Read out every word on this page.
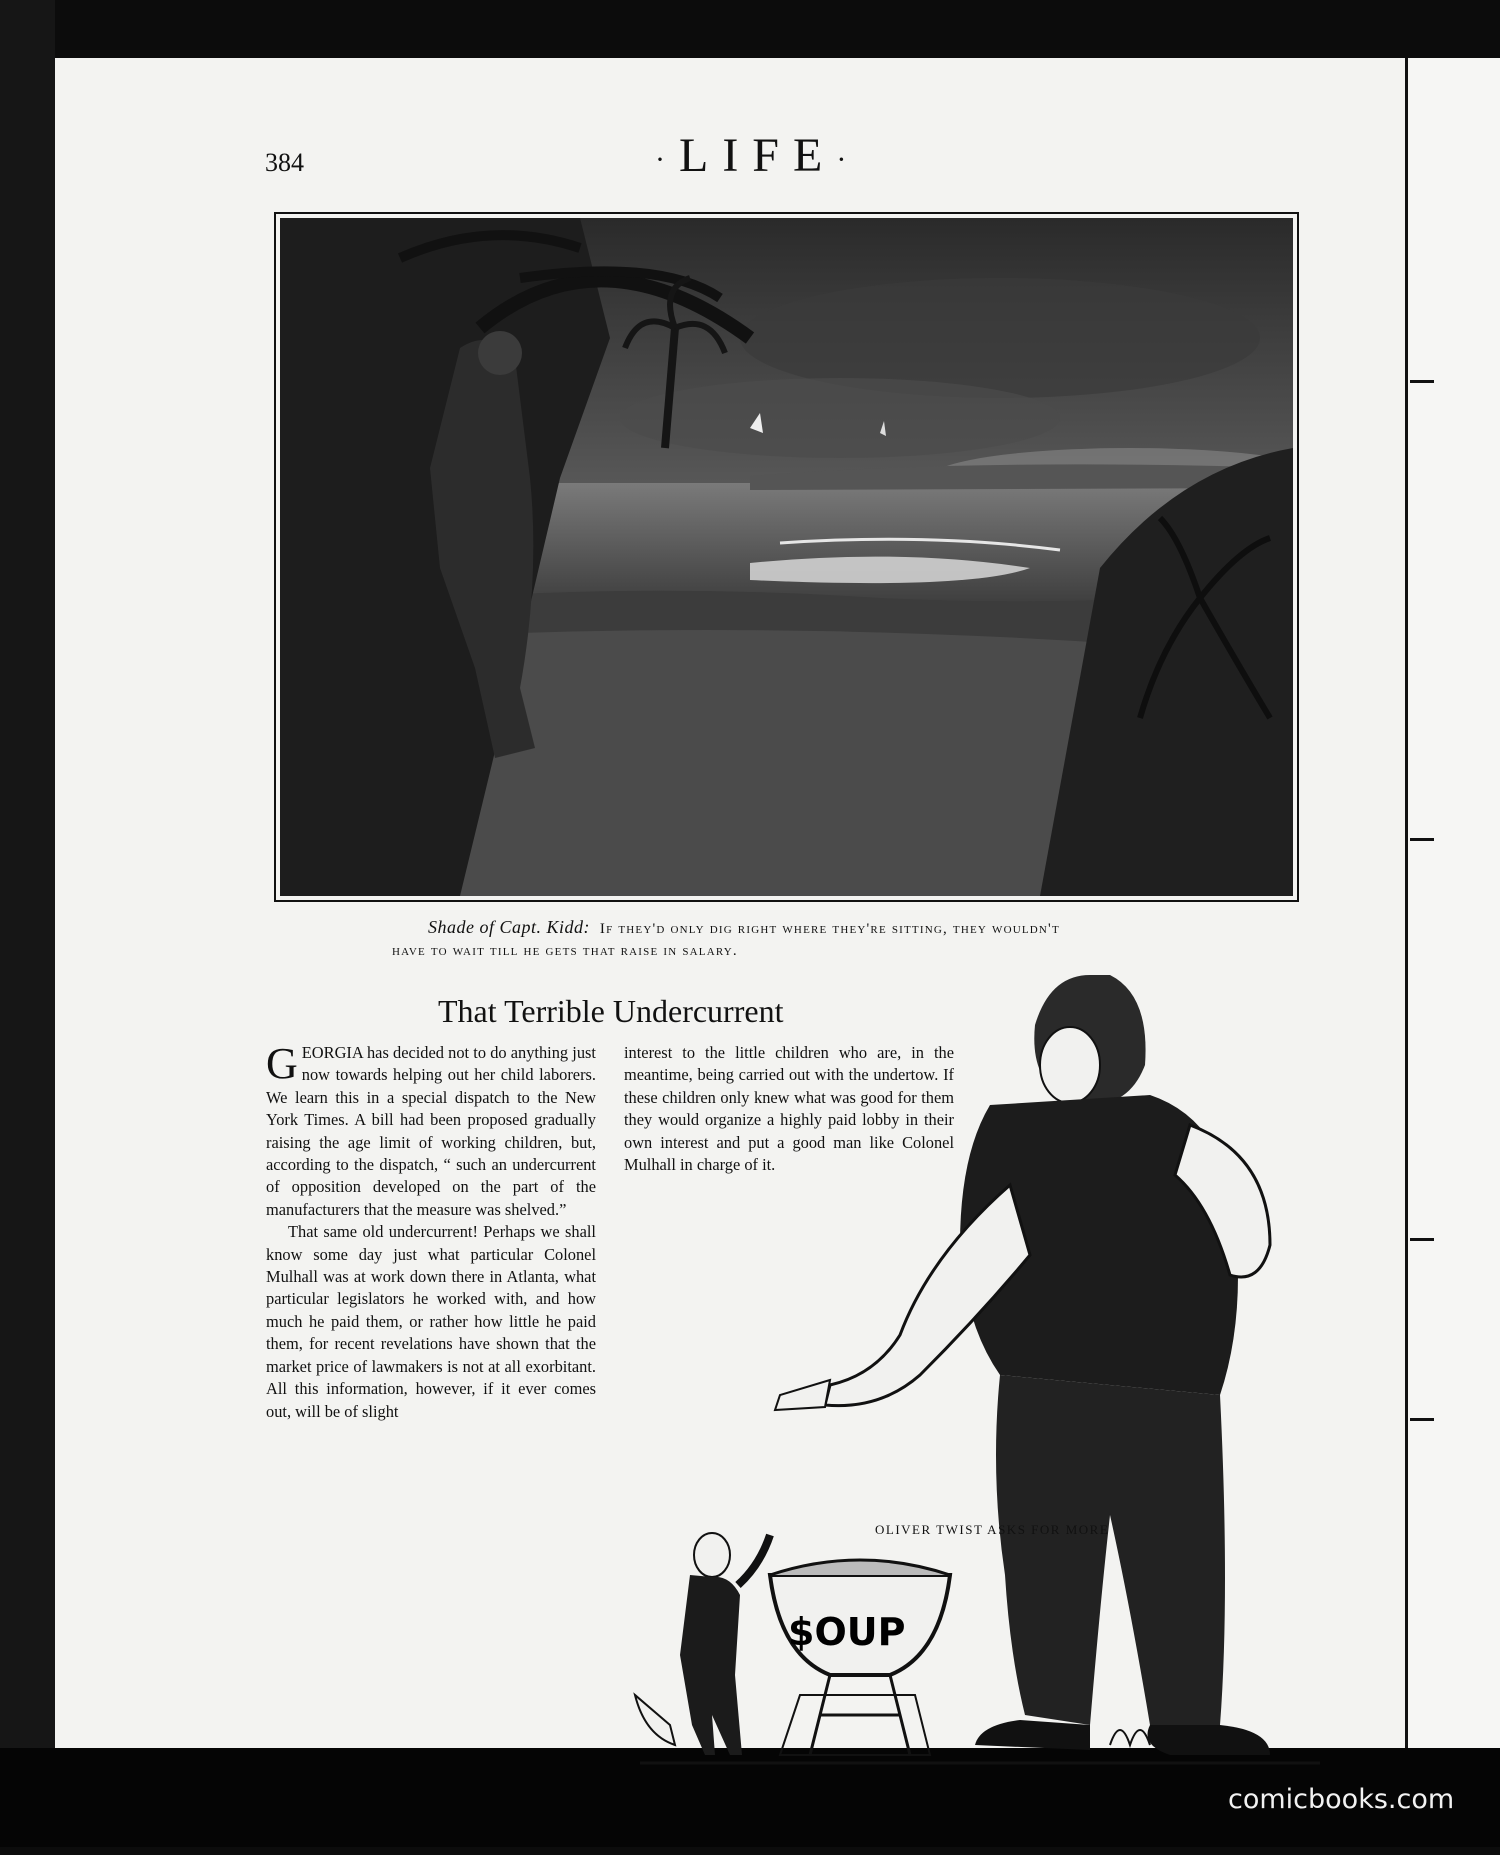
384	·LIFE·
Shade of Capt. Kidd: If they'd only dig right where they're sitting, they wouldn't
have to wait till he gets that raise in salary.
That Terrible Undercurrent

GEORGIA has decided not to do anything just now towards helping out her child laborers. We learn this in a special dispatch to the New York Times. A bill had been proposed gradually raising the age limit of working children, but, according to the dispatch, “ such an undercurrent of opposition developed on the part of the manufacturers that the measure was shelved.”

That same old undercurrent! Perhaps we shall know some day just what particular Colonel Mulhall was at work down there in Atlanta, what particular legislators he worked with, and how much he paid them, or rather how little he paid them, for recent revelations have shown that the market price of lawmakers is not at all exorbitant. All this information, however, if it ever comes out, will be of slight

interest to the little children who are, in the meantime, being carried out with the undertow. If these children only knew what was good for them they would organize a highly paid lobby in their own interest and put a good man like Colonel Mulhall in charge of it.

$OUP
OLIVER TWIST ASKS FOR MORE
comicbooks.com
